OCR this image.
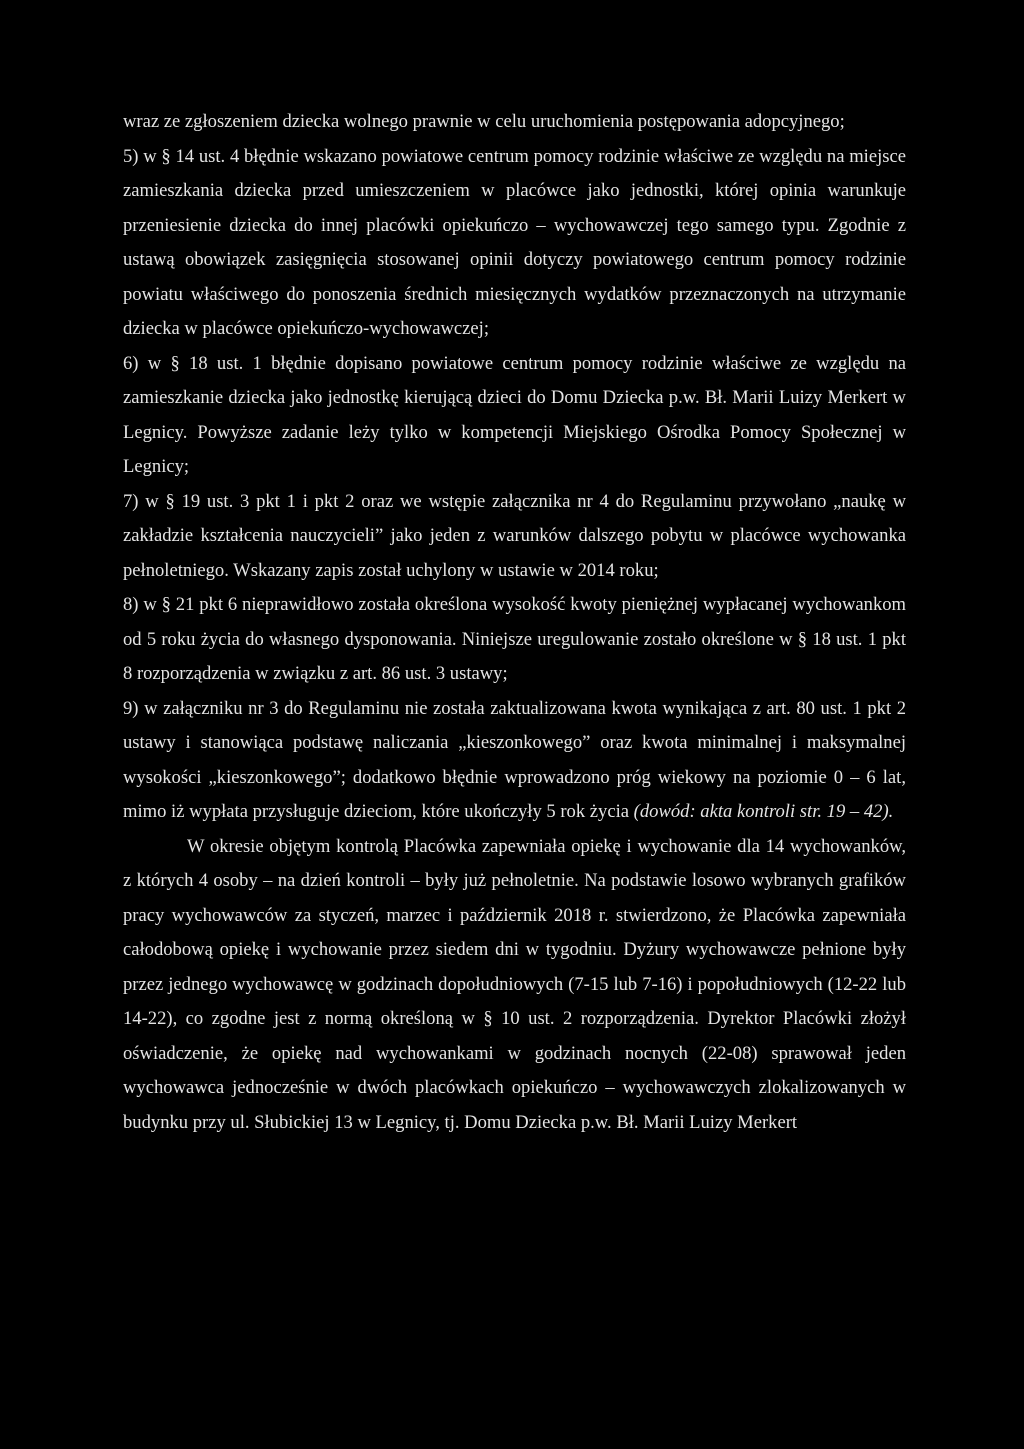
wraz ze zgłoszeniem dziecka wolnego prawnie w celu uruchomienia postępowania adopcyjnego;

5) w § 14 ust. 4 błędnie wskazano powiatowe centrum pomocy rodzinie właściwe ze względu na miejsce zamieszkania dziecka przed umieszczeniem w placówce jako jednostki, której opinia warunkuje przeniesienie dziecka do innej placówki opiekuńczo – wychowawczej tego samego typu. Zgodnie z ustawą obowiązek zasięgnięcia stosowanej opinii dotyczy powiatowego centrum pomocy rodzinie powiatu właściwego do ponoszenia średnich miesięcznych wydatków przeznaczonych na utrzymanie dziecka w placówce opiekuńczo-wychowawczej;

6) w § 18 ust. 1 błędnie dopisano powiatowe centrum pomocy rodzinie właściwe ze względu na zamieszkanie dziecka jako jednostkę kierującą dzieci do Domu Dziecka p.w. Bł. Marii Luizy Merkert w Legnicy. Powyższe zadanie leży tylko w kompetencji Miejskiego Ośrodka Pomocy Społecznej w Legnicy;

7) w § 19 ust. 3 pkt 1 i pkt 2 oraz we wstępie załącznika nr 4 do Regulaminu przywołano „naukę w zakładzie kształcenia nauczycieli” jako jeden z warunków dalszego pobytu w placówce wychowanka pełnoletniego. Wskazany zapis został uchylony w ustawie w 2014 roku;

8) w § 21 pkt 6 nieprawidłowo została określona wysokość kwoty pieniężnej wypłacanej wychowankom od 5 roku życia do własnego dysponowania. Niniejsze uregulowanie zostało określone w § 18 ust. 1 pkt 8 rozporządzenia w związku z art. 86 ust. 3 ustawy;

9) w załączniku nr 3 do Regulaminu nie została zaktualizowana kwota wynikająca z art. 80 ust. 1 pkt 2 ustawy i stanowiąca podstawę naliczania „kieszonkowego” oraz kwota minimalnej i maksymalnej wysokości „kieszonkowego”; dodatkowo błędnie wprowadzono próg wiekowy na poziomie 0 – 6 lat, mimo iż wypłata przysługuje dzieciom, które ukończyły 5 rok życia (dowód: akta kontroli str. 19 – 42).

W okresie objętym kontrolą Placówka zapewniała opiekę i wychowanie dla 14 wychowanków, z których 4 osoby – na dzień kontroli – były już pełnoletnie. Na podstawie losowo wybranych grafików pracy wychowawców za styczeń, marzec i październik 2018 r. stwierdzono, że Placówka zapewniała całodobową opiekę i wychowanie przez siedem dni w tygodniu. Dyżury wychowawcze pełnione były przez jednego wychowawcę w godzinach dopołudniowych (7-15 lub 7-16) i popołudniowych (12-22 lub 14-22), co zgodne jest z normą określoną w § 10 ust. 2 rozporządzenia. Dyrektor Placówki złożył oświadczenie, że opiekę nad wychowankami w godzinach nocnych (22-08) sprawował jeden wychowawca jednocześnie w dwóch placówkach opiekuńczo – wychowawczych zlokalizowanych w budynku przy ul. Słubickiej 13 w Legnicy, tj. Domu Dziecka p.w. Bł. Marii Luizy Merkert
